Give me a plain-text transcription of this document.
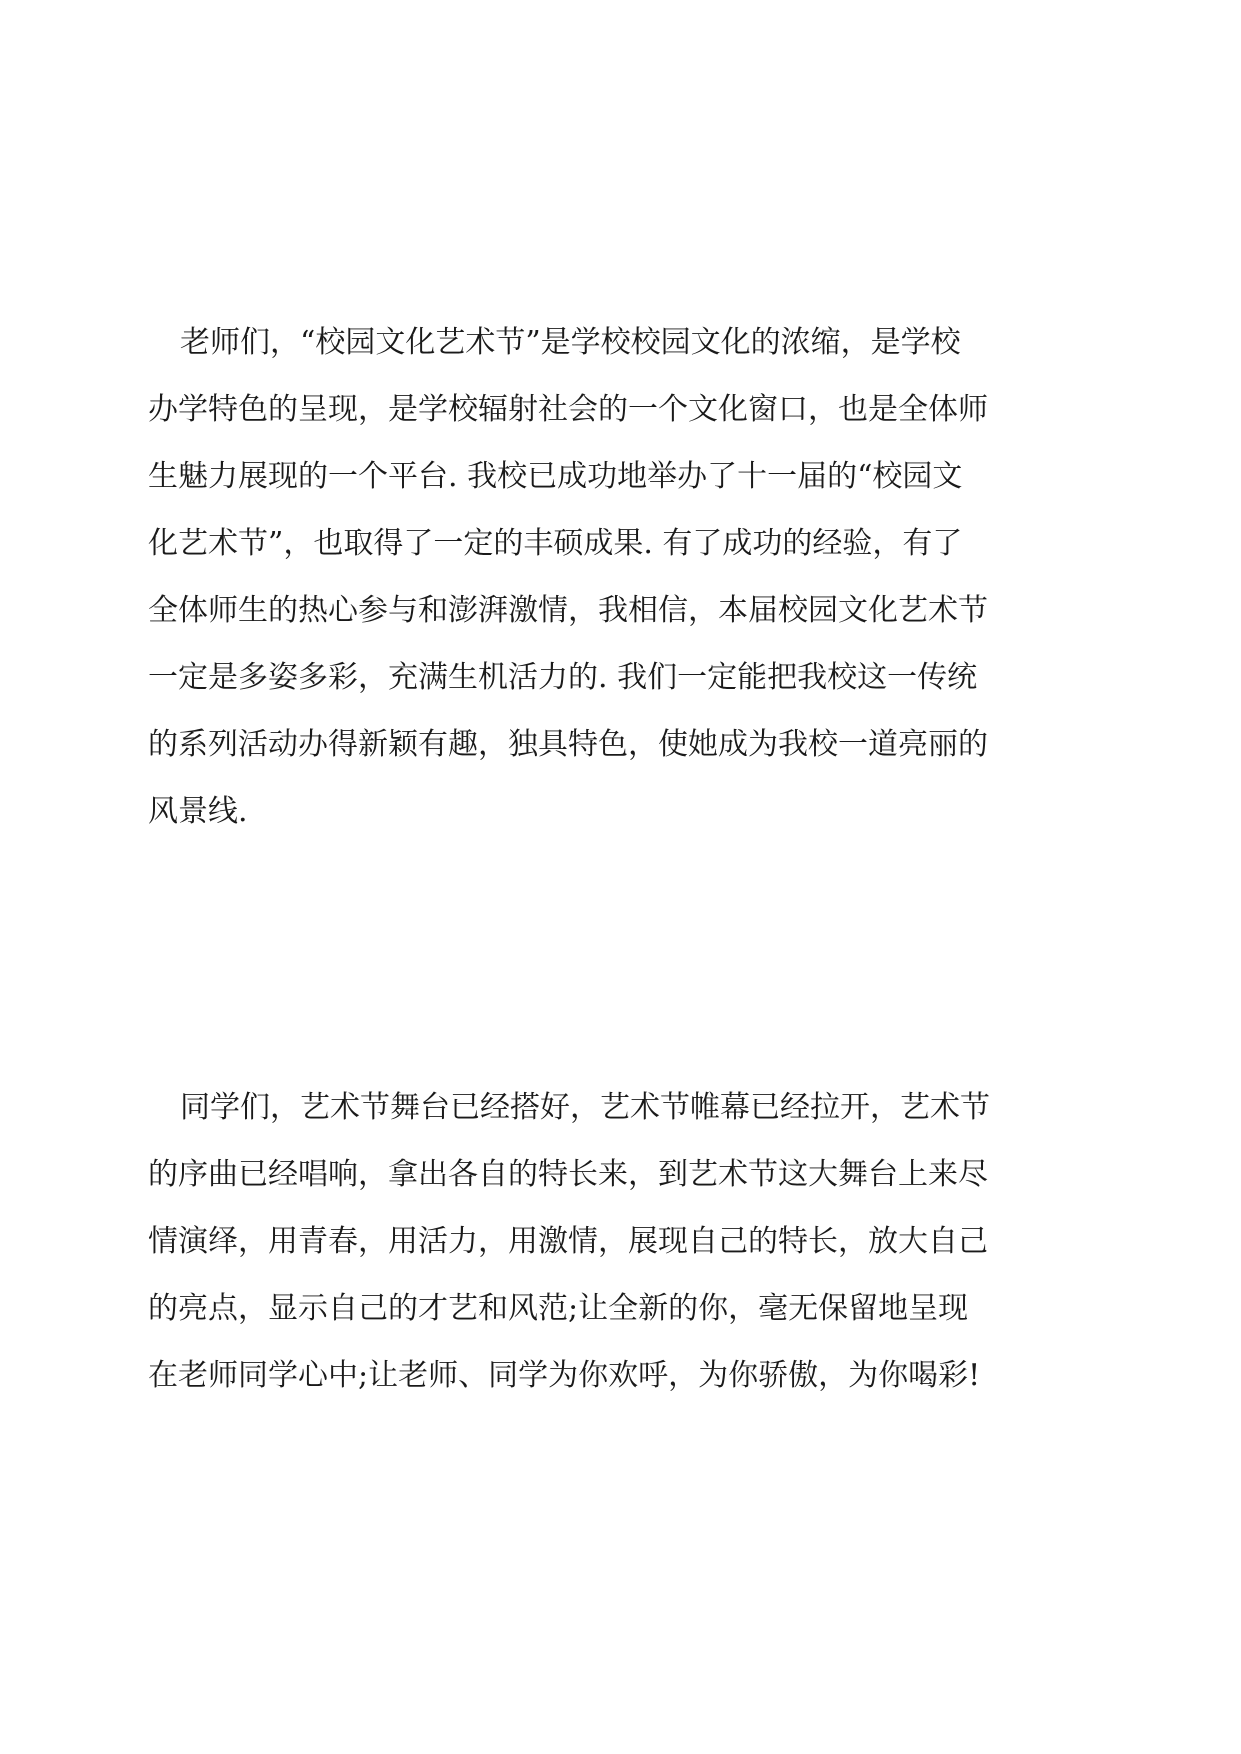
老师们，“校园文化艺术节”是学校校园文化的浓缩，是学校
办学特色的呈现，是学校辐射社会的一个文化窗口，也是全体师
生魅力展现的一个平台. 我校已成功地举办了十一届的“校园文
化艺术节”，也取得了一定的丰硕成果. 有了成功的经验，有了
全体师生的热心参与和澎湃激情，我相信，本届校园文化艺术节
一定是多姿多彩，充满生机活力的. 我们一定能把我校这一传统
的系列活动办得新颖有趣，独具特色，使她成为我校一道亮丽的
风景线.
同学们，艺术节舞台已经搭好，艺术节帷幕已经拉开，艺术节
的序曲已经唱响，拿出各自的特长来，到艺术节这大舞台上来尽
情演绎，用青春，用活力，用激情，展现自己的特长，放大自己
的亮点，显示自己的才艺和风范;让全新的你，毫无保留地呈现
在老师同学心中;让老师、同学为你欢呼，为你骄傲，为你喝彩!
